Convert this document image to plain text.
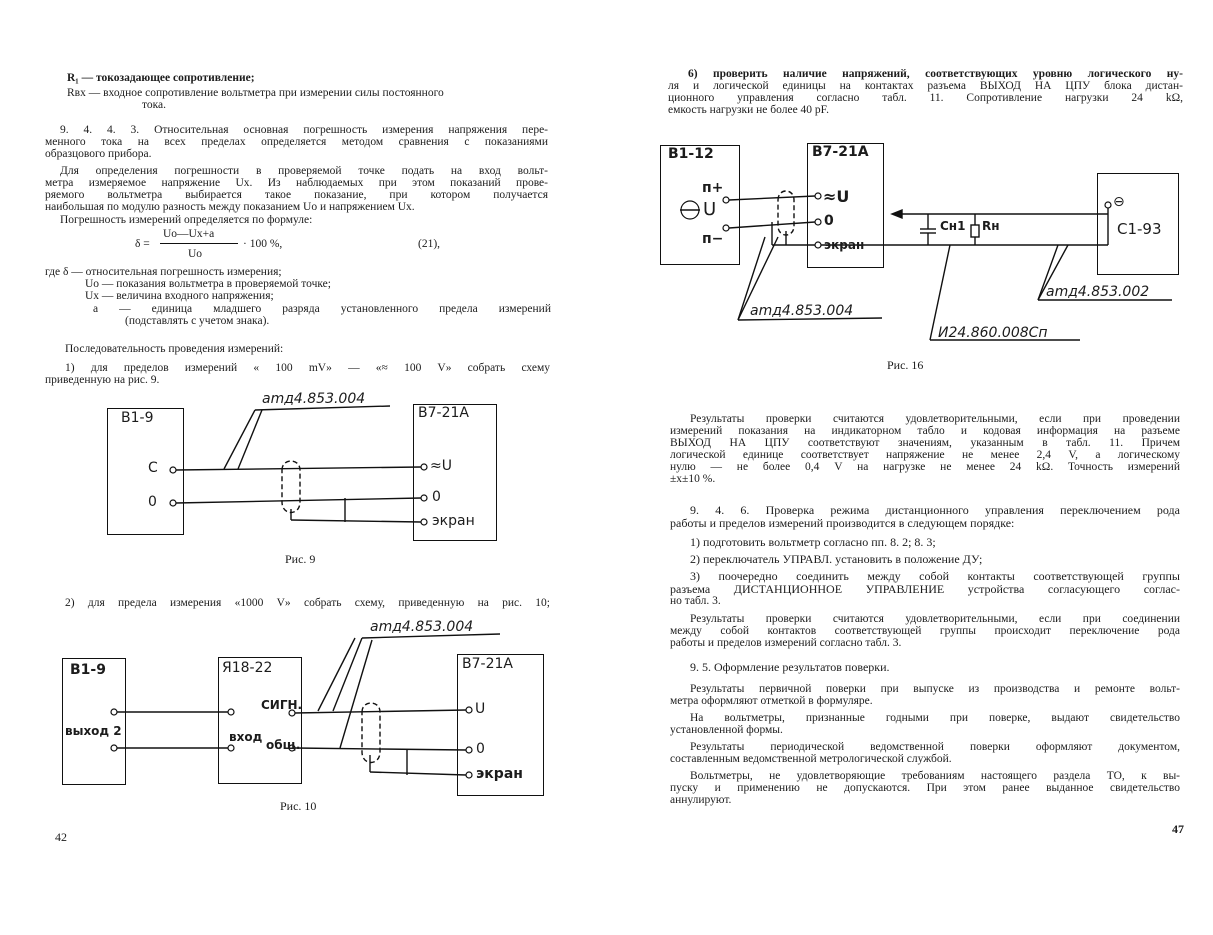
R₁ — токозадающее сопротивление;

Rвх — входное сопротивление вольтметра при измерении силы постоянного

тока.

9. 4. 4. 3. Относительная основная погрешность измерения напряжения пере-

менного тока на всех пределах определяется методом сравнения с показаниями

образцового прибора.

Для определения погрешности в проверяемой точке подать на вход вольт-

метра измеряемое напряжение Ux. Из наблюдаемых при этом показаний прове-

ряемого вольтметра выбирается такое показание, при котором получается

наибольшая по модулю разность между показанием Uo и напряжением Ux.

Погрешность измерений определяется по формуле:

δ =
Uo—Ux+a
Uo
· 100 %,	(21),

где δ — относительная погрешность измерения;

Uo — показания вольтметра в проверяемой точке;

Ux — величина входного напряжения;

a — единица младшего разряда установленного предела измерений

(подставлять с учетом знака).

Последовательность проведения измерений:

1) для пределов измерений « 100 mV» — «≈ 100 V» собрать схему

приведенную на рис. 9.

amд4.853.004
B1-9
C
0
B7-21A
≈U
0
экран
Рис. 9

2) для предела измерения «1000 V» собрать схему, приведенную на рис. 10;

amд4.853.004
B1-9
выход 2
Я18-22
СИГН.
вход
общ.
B7-21A
U
0
экран
Рис. 10
42

6) проверить наличие напряжений, соответствующих уровню логического ну-

ля и логической единицы на контактах разъема ВЫХОД НА ЦПУ блока дистан-

ционного управления согласно табл. 11. Сопротивление нагрузки 24 kΩ,

емкость нагрузки не более 40 pF.

B1-12
п+
U
п−
B7-21A
≈U
0
экран
Сн1 Rн	С1-93
⊖
amд4.853.004
amд4.853.002
И24.860.008Сп
Рис. 16

Результаты проверки считаются удовлетворительными, если при проведении

измерений показания на индикаторном табло и кодовая информация на разъеме

ВЫХОД НА ЦПУ соответствуют значениям, указанным в табл. 11. Причем

логической единице соответствует напряжение не менее 2,4 V, а логическому

нулю — не более 0,4 V на нагрузке не менее 24 kΩ. Точность измерений

±x±10 %.

9. 4. 6. Проверка режима дистанционного управления переключением рода

работы и пределов измерений производится в следующем порядке:

1) подготовить вольтметр согласно пп. 8. 2; 8. 3;

2) переключатель УПРАВЛ. установить в положение ДУ;

3) поочередно соединить между собой контакты соответствующей группы

разъема ДИСТАНЦИОННОЕ УПРАВЛЕНИЕ устройства согласующего соглас-

но табл. 3.

Результаты проверки считаются удовлетворительными, если при соединении

между собой контактов соответствующей группы происходит переключение рода

работы и пределов измерений согласно табл. 3.

9. 5. Оформление результатов поверки.

Результаты первичной поверки при выпуске из производства и ремонте вольт-

метра оформляют отметкой в формуляре.

На вольтметры, признанные годными при поверке, выдают свидетельство

установленной формы.

Результаты периодической ведомственной поверки оформляют документом,

составленным ведомственной метрологической службой.

Вольтметры, не удовлетворяющие требованиям настоящего раздела ТО, к вы-

пуску и применению не допускаются. При этом ранее выданное свидетельство

аннулируют.

47
